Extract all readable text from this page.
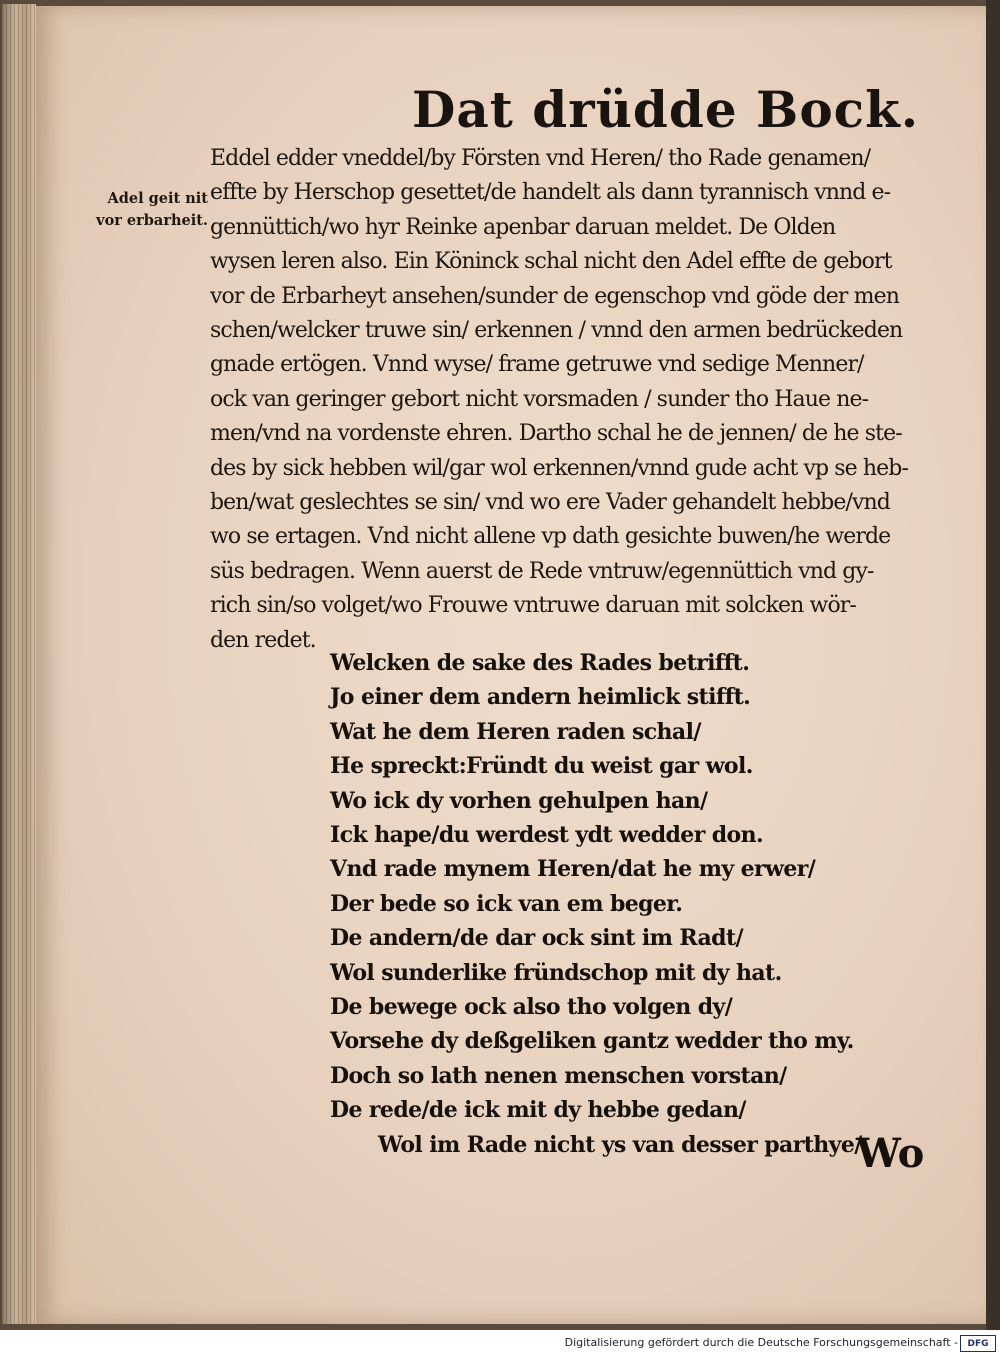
Dat drüdde Bock.
Adel geit nit
vor erbarheit.
Eddel edder vneddel/by Försten vnd Heren/ tho Rade genamen/
effte by Herschop gesettet/de handelt als dann tyrannisch vnnd e-
gennüttich/wo hyr Reinke apenbar daruan meldet. De Olden
wysen leren also. Ein Köninck schal nicht den Adel effte de gebort
vor de Erbarheyt ansehen/sunder de egenschop vnd göde der men
schen/welcker truwe sin/ erkennen / vnnd den armen bedrückeden
gnade ertögen. Vnnd wyse/ frame getruwe vnd sedige Menner/
ock van geringer gebort nicht vorsmaden / sunder tho Haue ne-
men/vnd na vordenste ehren. Dartho schal he de jennen/ de he ste-
des by sick hebben wil/gar wol erkennen/vnnd gude acht vp se heb-
ben/wat geslechtes se sin/ vnd wo ere Vader gehandelt hebbe/vnd
wo se ertagen. Vnd nicht allene vp dath gesichte buwen/he werde
süs bedragen. Wenn auerst de Rede vntruw/egennüttich vnd gy-
rich sin/so volget/wo Frouwe vntruwe daruan mit solcken wör-
den redet.
Welcken de sake des Rades betrifft.
Jo einer dem andern heimlick stifft.
Wat he dem Heren raden schal/
He spreckt:Fründt du weist gar wol.
Wo ick dy vorhen gehulpen han/
Ick hape/du werdest ydt wedder don.
Vnd rade mynem Heren/dat he my erwer/
Der bede so ick van em beger.
De andern/de dar ock sint im Radt/
Wol sunderlike fründschop mit dy hat.
De bewege ock also tho volgen dy/
Vorsehe dy deßgeliken gantz wedder tho my.
Doch so lath nenen menschen vorstan/
De rede/de ick mit dy hebbe gedan/
Wol im Rade nicht ys van desser parthye/
Wo
Digitalisierung gefördert durch die Deutsche Forschungsgemeinschaft -	DFG
